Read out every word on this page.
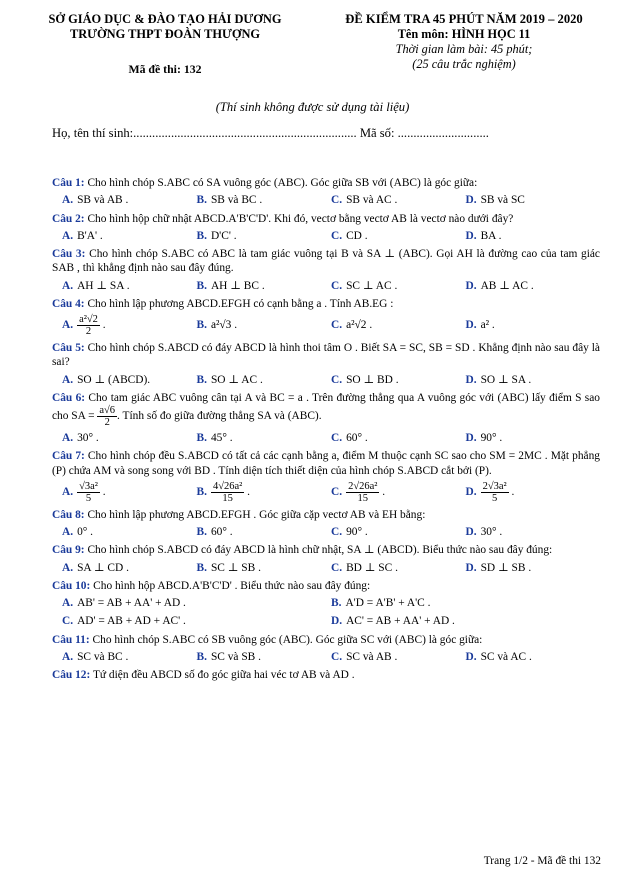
SỞ GIÁO DỤC & ĐÀO TẠO HẢI DƯƠNG
TRƯỜNG THPT ĐOÀN THƯỢNG
Mã đề thi: 132
ĐỀ KIỂM TRA 45 PHÚT NĂM 2019 – 2020
Tên môn: HÌNH HỌC 11
Thời gian làm bài: 45 phút;
(25 câu trắc nghiệm)
(Thí sinh không được sử dụng tài liệu)
Họ, tên thí sinh:....................................................................... Mã số: .............................

Câu 1: Cho hình chóp S.ABC có SA vuông góc (ABC). Góc giữa SB với (ABC) là góc giữa:

A. SB và AB .	B. SB và BC .	C. SB và AC .	D. SB và SC

Câu 2: Cho hình hộp chữ nhật ABCD.A'B'C'D'. Khi đó, vectơ bằng vectơ AB là vectơ nào dưới đây?

A. B'A' .	B. D'C' .	C. CD .	D. BA .

Câu 3: Cho hình chóp S.ABC có ABC là tam giác vuông tại B và SA ⊥ (ABC). Gọi AH là đường cao của tam giác SAB , thì khẳng định nào sau đây đúng.

A. AH ⊥ SA .	B. AH ⊥ BC .	C. SC ⊥ AC .	D. AB ⊥ AC .

Câu 4: Cho hình lập phương ABCD.EFGH có cạnh bằng a . Tính AB.EG :

A. $\frac{\text{a²√2}}{2}$ .	B. a²√3 .	C. a²√2 .	D. a² .

Câu 5: Cho hình chóp S.ABCD có đáy ABCD là hình thoi tâm O . Biết SA = SC, SB = SD . Khẳng định nào sau đây là sai?

A. SO ⊥ (ABCD).	B. SO ⊥ AC .	C. SO ⊥ BD .	D. SO ⊥ SA .

Câu 6: Cho tam giác ABC vuông cân tại A và BC = a . Trên đường thẳng qua A vuông góc với (ABC) lấy điểm S sao cho SA = $\frac{a√6}{2}$ . Tính số đo giữa đường thẳng SA và (ABC).

A. 30° .	B. 45° .	C. 60° .	D. 90° .

Câu 7: Cho hình chóp đều S.ABCD có tất cả các cạnh bằng a, điểm M thuộc cạnh SC sao cho SM = 2MC . Mặt phẳng (P) chứa AM và song song với BD . Tính diện tích thiết diện của hình chóp S.ABCD cắt bởi (P).

A. $\frac{\text{√3a²}}{5}$ .	B. $\frac{\text{4√26a²}}{15}$ .	C. $\frac{\text{2√26a²}}{15}$ .	D. $\frac{\text{2√3a²}}{5}$ .

Câu 8: Cho hình lập phương ABCD.EFGH . Góc giữa cặp vectơ AB và EH bằng:

A. 0° .	B. 60° .	C. 90° .	D. 30° .

Câu 9: Cho hình chóp S.ABCD có đáy ABCD là hình chữ nhật, SA ⊥ (ABCD). Biểu thức nào sau đây đúng:

A. SA ⊥ CD .	B. SC ⊥ SB .	C. BD ⊥ SC .	D. SD ⊥ SB .

Câu 10: Cho hình hộp ABCD.A'B'C'D' . Biểu thức nào sau đây đúng:

A. AB' = AB + AA' + AD .	B. A'D = A'B' + A'C .
C. AD' = AB + AD + AC' .	D. AC' = AB + AA' + AD .

Câu 11: Cho hình chóp S.ABC có SB vuông góc (ABC). Góc giữa SC với (ABC) là góc giữa:

A. SC và BC .	B. SC và SB .	C. SC và AB .	D. SC và AC .

Câu 12: Tứ diện đều ABCD số đo góc giữa hai véc tơ AB và AD .

Trang 1/2 - Mã đề thi 132
